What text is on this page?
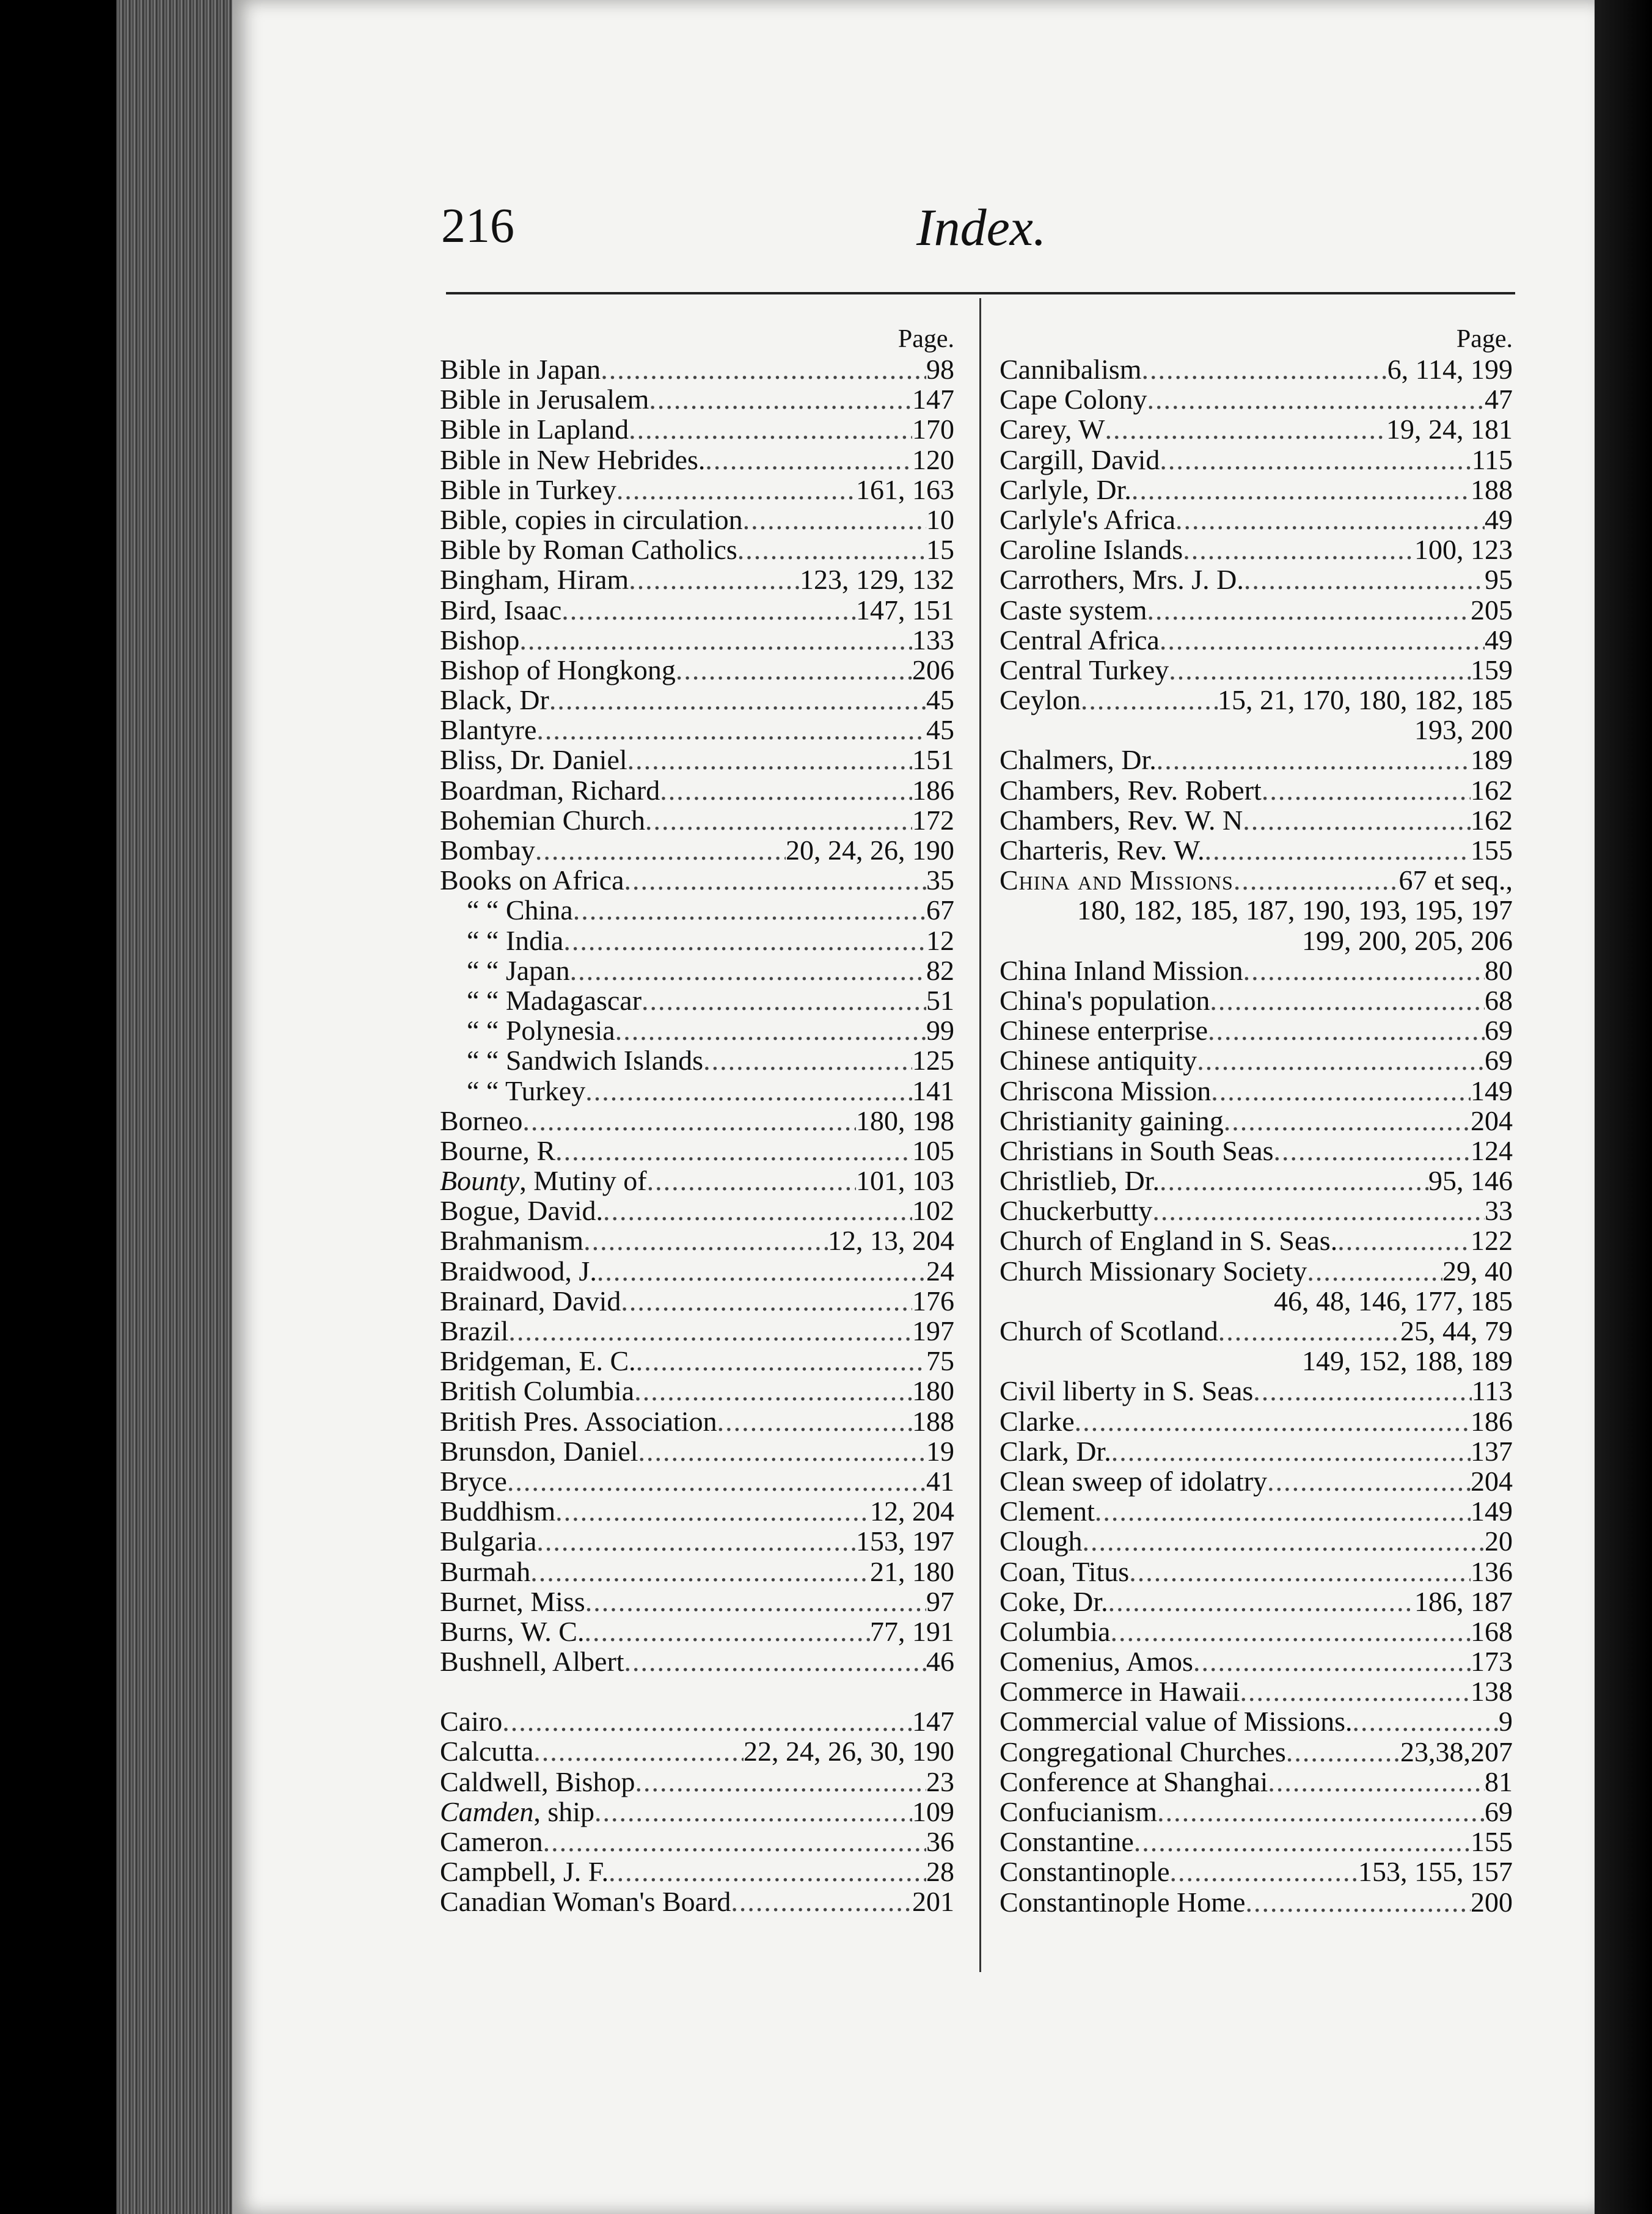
216	Index.
Page.
Bible in Japan .....	98
Bible in Jerusalem .....	147
Bible in Lapland .....	170
Bible in New Hebrides. .....	120
Bible in Turkey .....	161, 163
Bible, copies in circulation .....	10
Bible by Roman Catholics .....	15
Bingham, Hiram .....	123, 129, 132
Bird, Isaac .....	147, 151
Bishop .....	133
Bishop of Hongkong .....	206
Black, Dr .....	45
Blantyre .....	45
Bliss, Dr. Daniel .....	151
Boardman, Richard .....	186
Bohemian Church .....	172
Bombay .....	20, 24, 26, 190
Books on Africa .....	35
“ “ China .....	67
“ “ India .....	12
“ “ Japan .....	82
“ “ Madagascar .....	51
“ “ Polynesia .....	99
“ “ Sandwich Islands .....	125
“ “ Turkey .....	141
Borneo .....	180, 198
Bourne, R .....	105
Bounty, Mutiny of .....	101, 103
Bogue, David. .....	102
Brahmanism .....	12, 13, 204
Braidwood, J. .....	24
Brainard, David .....	176
Brazil .....	197
Bridgeman, E. C. .....	75
British Columbia .....	180
British Pres. Association .....	188
Brunsdon, Daniel .....	19
Bryce .....	41
Buddhism .....	12, 204
Bulgaria .....	153, 197
Burmah .....	21, 180
Burnet, Miss .....	97
Burns, W. C. .....	77, 191
Bushnell, Albert .....	46
Cairo .....	147
Calcutta .....	22, 24, 26, 30, 190
Caldwell, Bishop .....	23
Camden, ship .....	109
Cameron .....	36
Campbell, J. F. .....	28
Canadian Woman's Board .....	201
Page.
Cannibalism .....	6, 114, 199
Cape Colony .....	47
Carey, W .....	19, 24, 181
Cargill, David .....	115
Carlyle, Dr. .....	188
Carlyle's Africa .....	49
Caroline Islands .....	100, 123
Carrothers, Mrs. J. D. .....	95
Caste system .....	205
Central Africa .....	49
Central Turkey .....	159
Ceylon .....	15, 21, 170, 180, 182, 185
193, 200
Chalmers, Dr. .....	189
Chambers, Rev. Robert .....	162
Chambers, Rev. W. N .....	162
Charteris, Rev. W. .....	155
China and Missions .....	67 et seq.,
180, 182, 185, 187, 190, 193, 195, 197
199, 200, 205, 206
China Inland Mission .....	80
China's population .....	68
Chinese enterprise .....	69
Chinese antiquity .....	69
Chriscona Mission .....	149
Christianity gaining .....	204
Christians in South Seas .....	124
Christlieb, Dr. .....	95, 146
Chuckerbutty .....	33
Church of England in S. Seas. .....	122
Church Missionary Society .....	29, 40
46, 48, 146, 177, 185
Church of Scotland .....	25, 44, 79
149, 152, 188, 189
Civil liberty in S. Seas .....	113
Clarke .....	186
Clark, Dr. .....	137
Clean sweep of idolatry .....	204
Clement .....	149
Clough .....	20
Coan, Titus .....	136
Coke, Dr. .....	186, 187
Columbia .....	168
Comenius, Amos .....	173
Commerce in Hawaii .....	138
Commercial value of Missions. .....	9
Congregational Churches .....	23,38,207
Conference at Shanghai .....	81
Confucianism .....	69
Constantine .....	155
Constantinople .....	153, 155, 157
Constantinople Home .....	200
